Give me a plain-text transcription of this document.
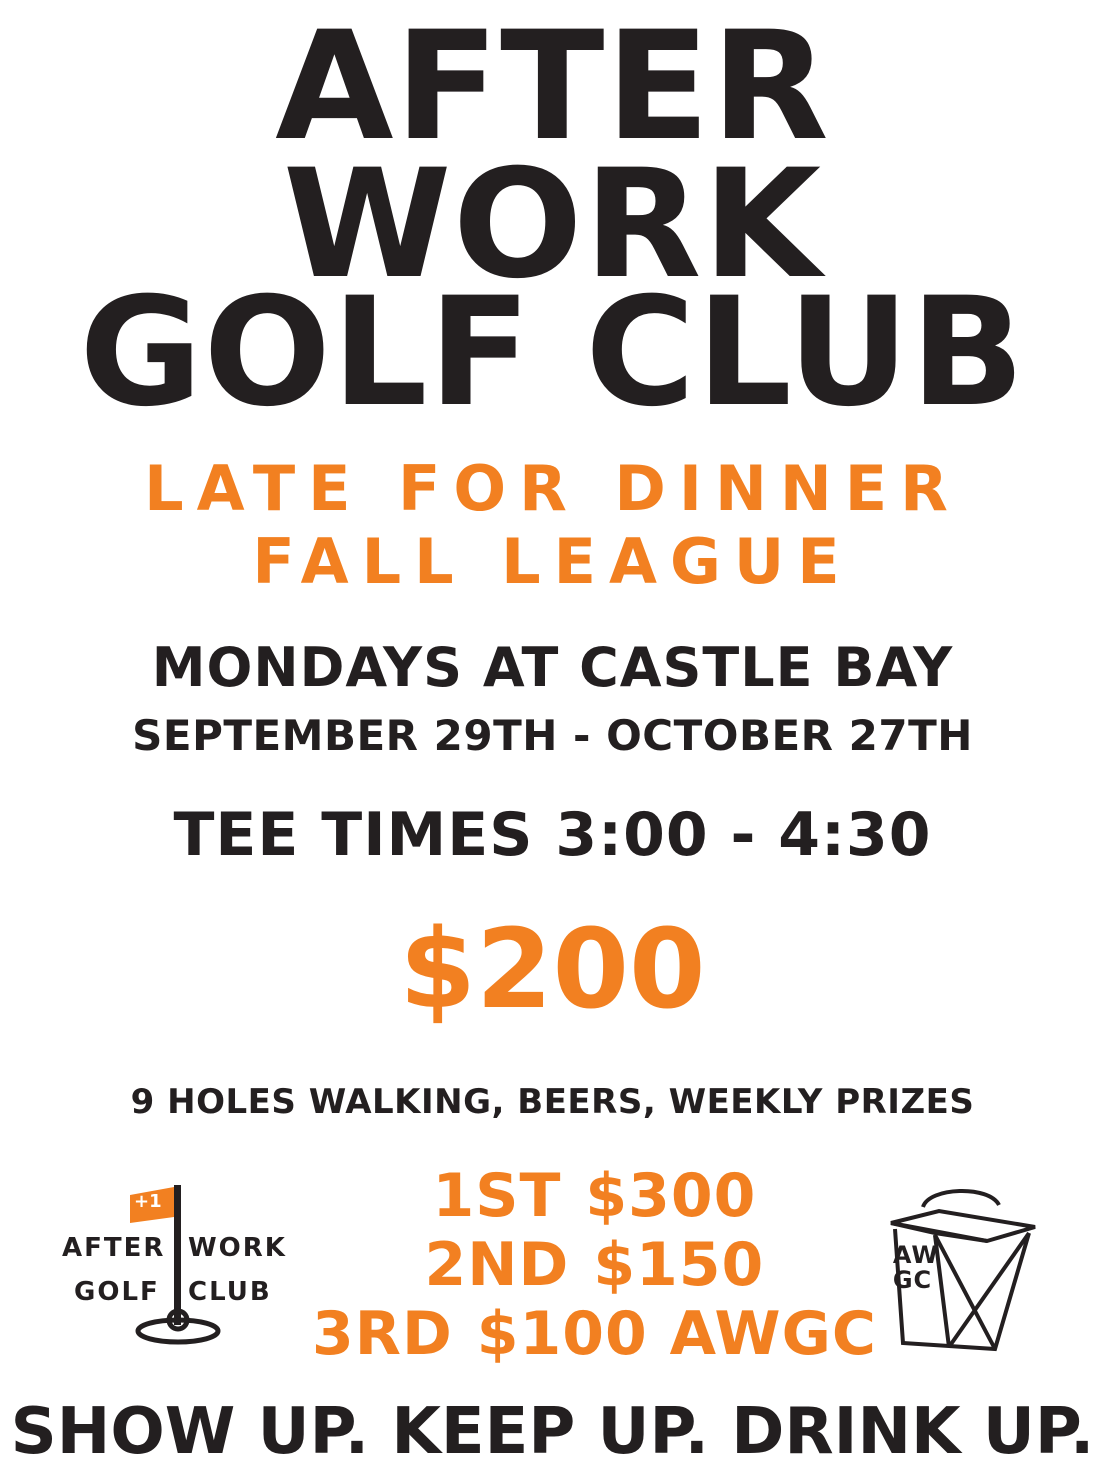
AFTER WORK
GOLF CLUB
LATE FOR DINNER
FALL LEAGUE
MONDAYS AT CASTLE BAY
SEPTEMBER 29TH - OCTOBER 27TH
TEE TIMES 3:00 - 4:30
$200
9 HOLES WALKING, BEERS, WEEKLY PRIZES
AFTER WORK
GOLF CLUB
+1	1ST $300
2ND $150
3RD $100 AWGC
AW
GC
SHOW UP. KEEP UP. DRINK UP.
